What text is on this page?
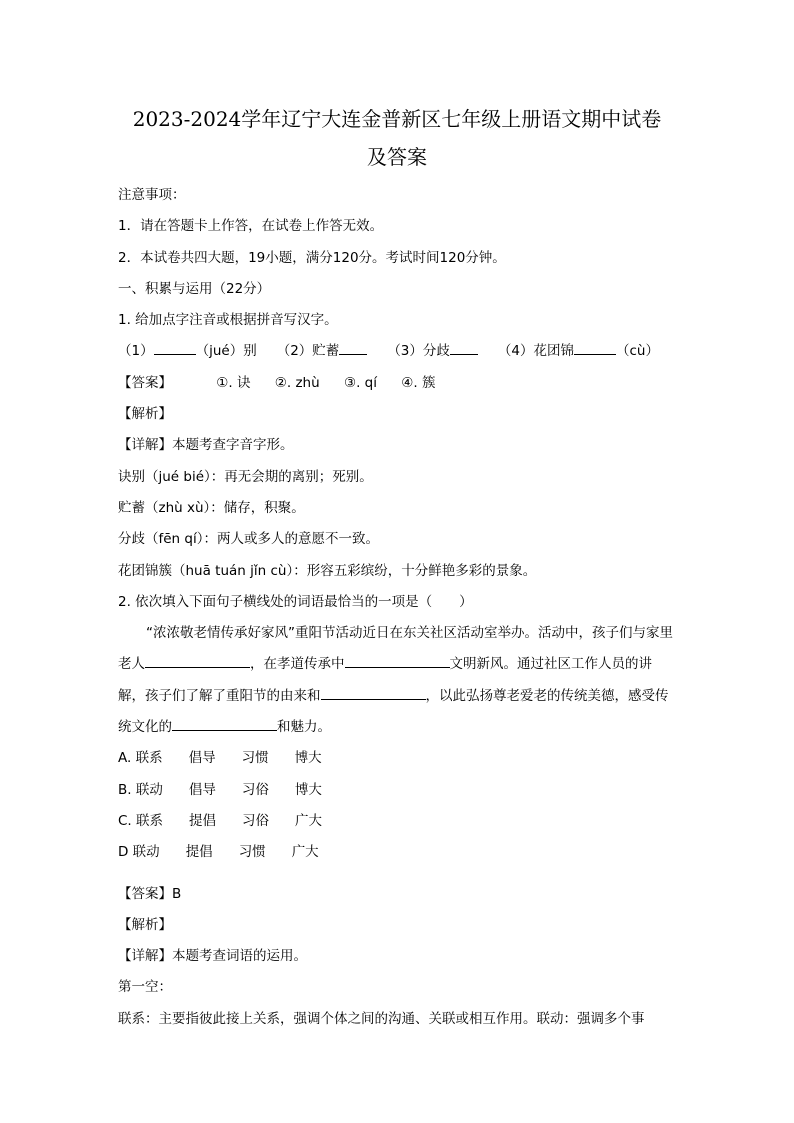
2023-2024学年辽宁大连金普新区七年级上册语文期中试卷
及答案
注意事项：
1．请在答题卡上作答，在试卷上作答无效。
2．本试卷共四大题，19小题，满分120分。考试时间120分钟。
一、积累与运用（22分）
1. 给加点字注音或根据拼音写汉字。
（1）	（jué）别 （2）贮蓄	（3）分歧	（4）花团锦	（cù）
【答案】	①. 诀 ②. zhù ③. qí ④. 簇
【解析】
【详解】本题考查字音字形。
诀别（jué bié）：再无会期的离别；死别。
贮蓄（zhù xù）：储存，积聚。
分歧（fēn qí）：两人或多人的意愿不一致。
花团锦簇（huā tuán jǐn cù）：形容五彩缤纷，十分鲜艳多彩的景象。
2. 依次填入下面句子横线处的词语最恰当的一项是（　　）
“浓浓敬老情传承好家风”重阳节活动近日在东关社区活动室举办。活动中，孩子们与家里老人	，在孝道传承中	文明新风。通过社区工作人员的讲解，孩子们了解了重阳节的由来和	，以此弘扬尊老爱老的传统美德，感受传统文化的	和魅力。
A. 联系 倡导 习惯 博大
B. 联动 倡导 习俗 博大
C. 联系 提倡 习俗 广大
D 联动 提倡 习惯 广大
【答案】B
【解析】
【详解】本题考查词语的运用。
第一空：
联系：主要指彼此接上关系，强调个体之间的沟通、关联或相互作用。联动：强调多个事
